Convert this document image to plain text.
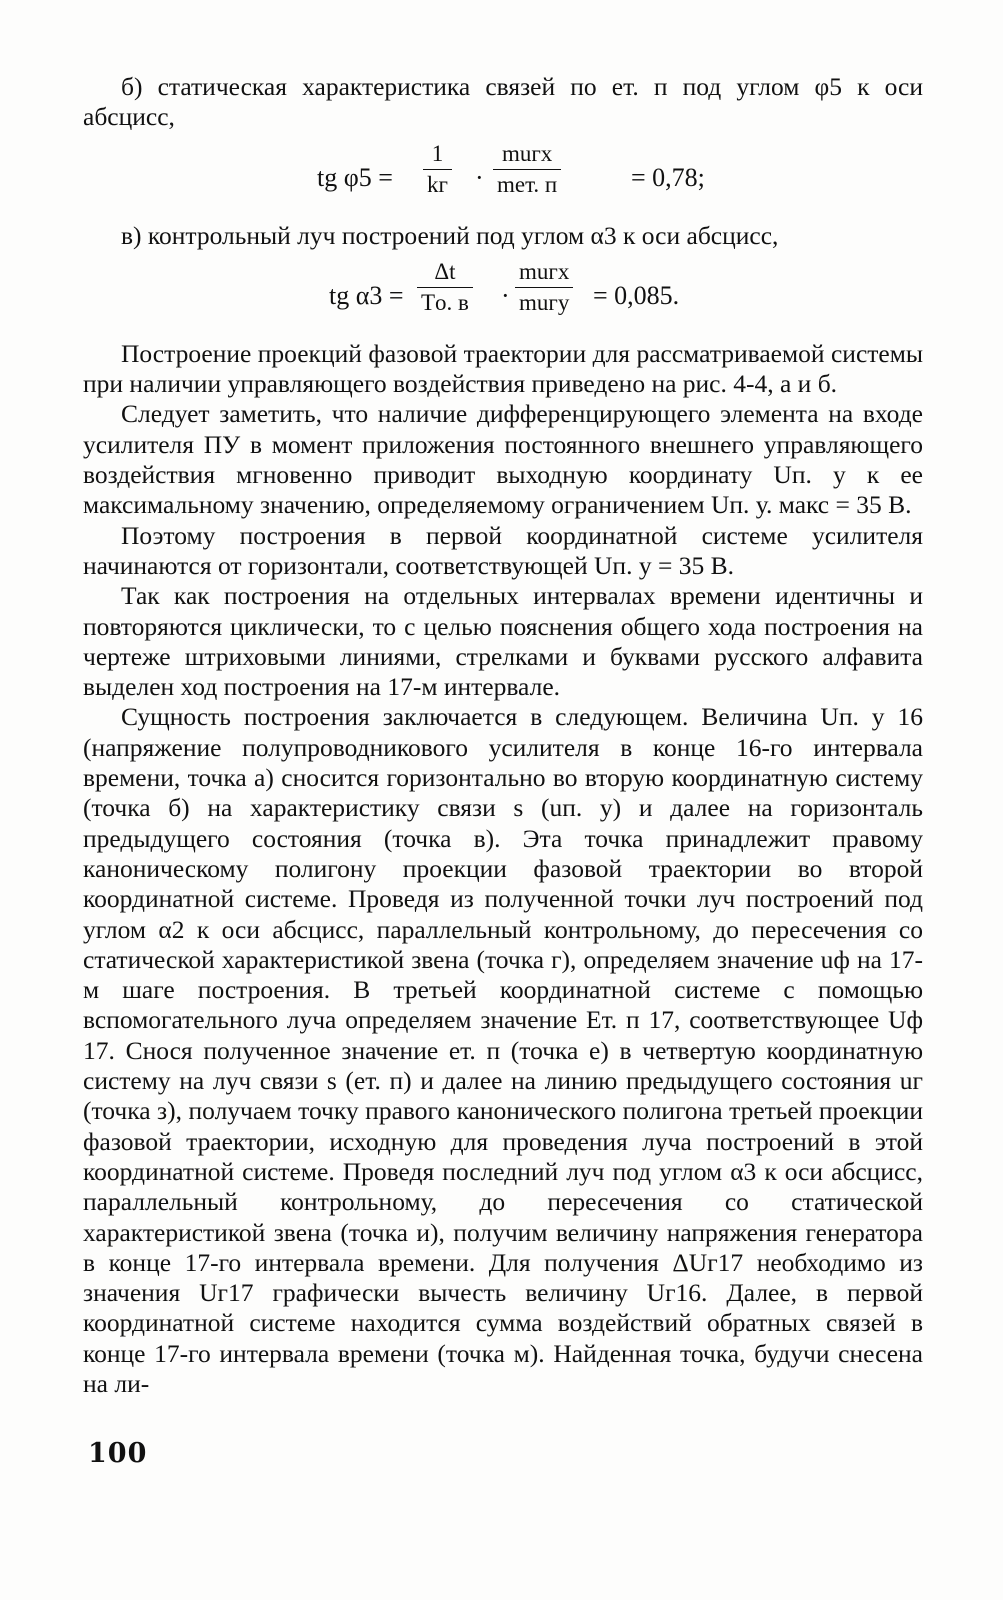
б) статическая характеристика связей по eт. п под углом φ5 к оси абсцисс,

tg φ5 =
1
kг ·
muгх
meт. п	= 0,78;

в) контрольный луч построений под углом α3 к оси абсцисс,

tg α3 =
Δt
Tо. в ·
muгх
muгу = 0,085.

Построение проекций фазовой траектории для рассматриваемой системы при наличии управляющего воздействия приведено на рис. 4-4, а и б.

Следует заметить, что наличие дифференцирующего элемента на входе усилителя ПУ в момент приложения постоянного внешнего управляющего воздействия мгновенно приводит выходную координату Uп. у к ее максимальному значению, определяемому ограничением Uп. у. макс = 35 В.

Поэтому построения в первой координатной системе усилителя начинаются от горизонтали, соответствующей Uп. у = 35 В.

Так как построения на отдельных интервалах времени идентичны и повторяются циклически, то с целью пояснения общего хода построения на чертеже штриховыми линиями, стрелками и буквами русского алфавита выделен ход построения на 17-м интервале.

Сущность построения заключается в следующем. Величина Uп. у 16 (напряжение полупроводникового усилителя в конце 16-го интервала времени, точка а) сносится горизонтально во вторую координатную систему (точка б) на характеристику связи s (uп. у) и далее на горизонталь предыдущего состояния (точка в). Эта точка принадлежит правому каноническому полигону проекции фазовой траектории во второй координатной системе. Проведя из полученной точки луч построений под углом α2 к оси абсцисс, параллельный контрольному, до пересечения со статической характеристикой звена (точка г), определяем значение uф на 17-м шаге построения. В третьей координатной системе с помощью вспомогательного луча определяем значение Eт. п 17, соответствующее Uф 17. Снося полученное значение eт. п (точка е) в четвертую координатную систему на луч связи s (eт. п) и далее на линию предыдущего состояния uг (точка з), получаем точку правого канонического полигона третьей проекции фазовой траектории, исходную для проведения луча построений в этой координатной системе. Проведя последний луч под углом α3 к оси абсцисс, параллельный контрольному, до пересечения со статической характеристикой звена (точка и), получим величину напряжения генератора в конце 17-го интервала времени. Для получения ΔUг17 необходимо из значения Uг17 графически вычесть величину Uг16. Далее, в первой координатной системе находится сумма воздействий обратных связей в конце 17-го интервала времени (точка м). Найденная точка, будучи снесена на ли-

100
